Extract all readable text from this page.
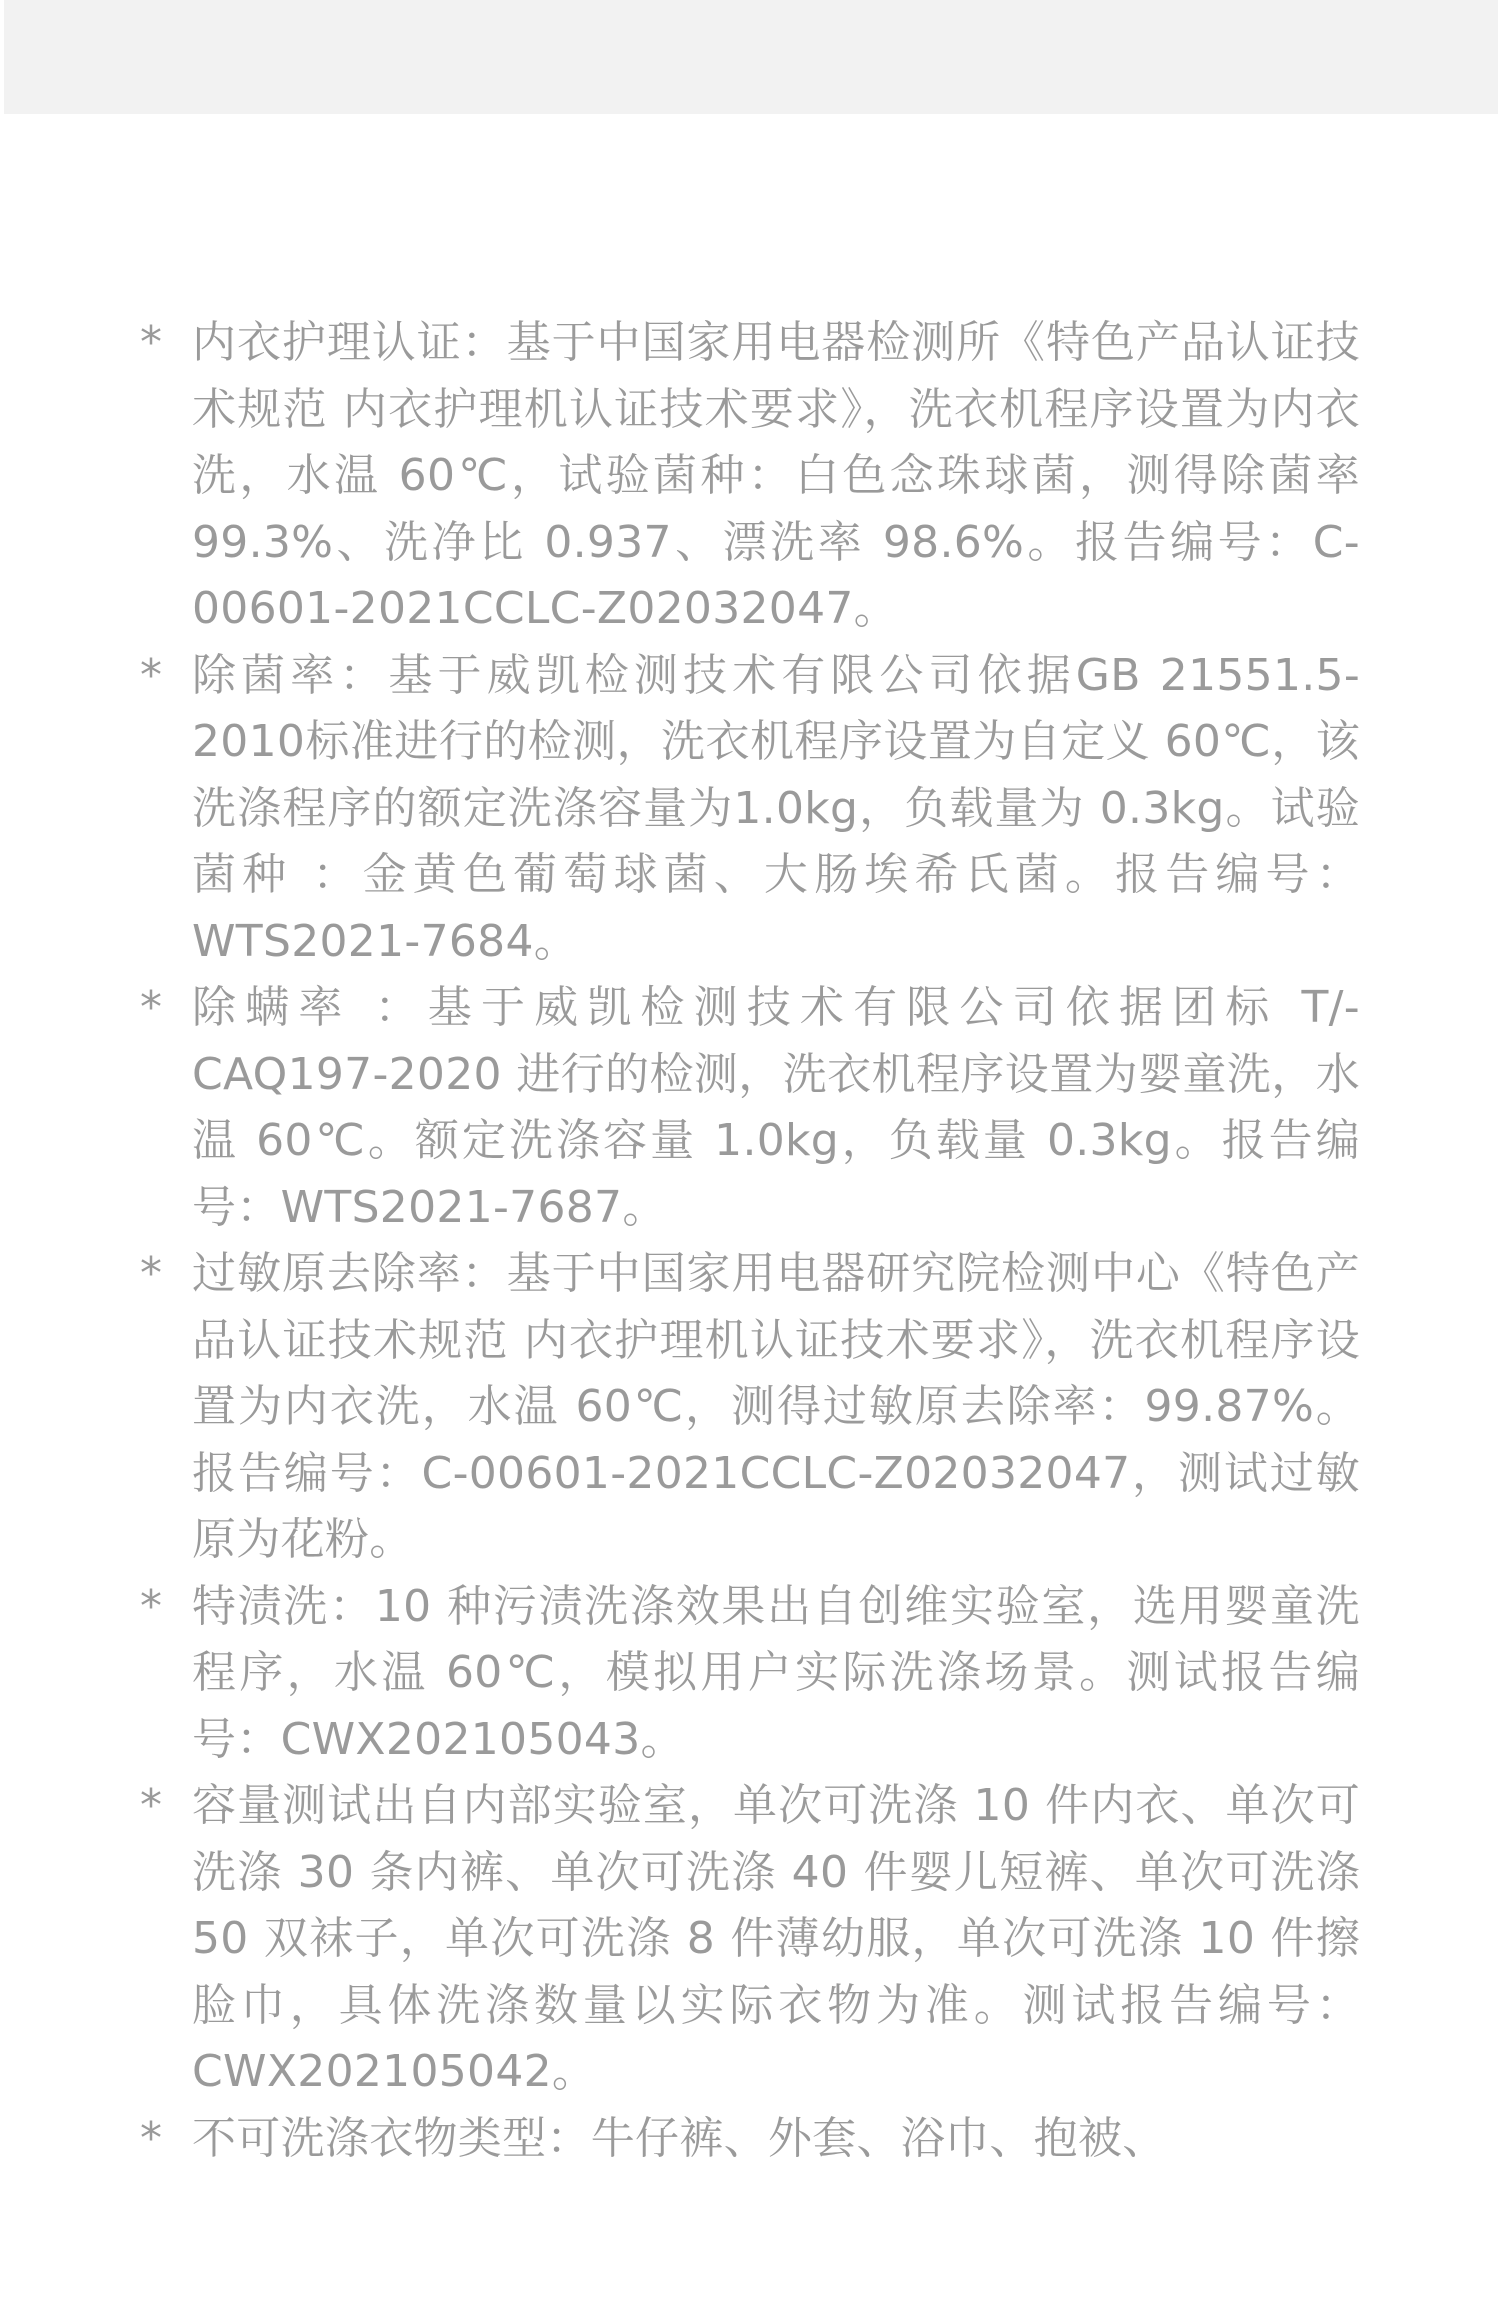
* 内衣护理认证：基于中国家用电器检测所《特色产品认证技术规范 内衣护理机认证技术要求》，洗衣机程序设置为内衣洗，水温 60℃，试验菌种：白色念珠球菌，测得除菌率 99.3%、洗净比 0.937、漂洗率 98.6%。报告编号：C-00601-2021CCLC-Z02032047。
* 除菌率：基于威凯检测技术有限公司依据GB 21551.5-2010标准进行的检测，洗衣机程序设置为自定义 60℃，该洗涤程序的额定洗涤容量为1.0kg，负载量为 0.3kg。试验菌种 ：金黄色葡萄球菌、大肠埃希氏菌。报告编号：WTS2021-7684。
* 除螨率 ：基于威凯检测技术有限公司依据团标 T/-CAQ197-2020 进行的检测，洗衣机程序设置为婴童洗，水温 60℃。额定洗涤容量 1.0kg，负载量 0.3kg。报告编号：WTS2021-7687。
* 过敏原去除率：基于中国家用电器研究院检测中心《特色产品认证技术规范 内衣护理机认证技术要求》，洗衣机程序设置为内衣洗，水温 60℃，测得过敏原去除率：99.87%。报告编号：C-00601-2021CCLC-Z02032047，测试过敏原为花粉。
* 特渍洗：10 种污渍洗涤效果出自创维实验室，选用婴童洗程序，水温 60℃，模拟用户实际洗涤场景。测试报告编号：CWX202105043。
* 容量测试出自内部实验室，单次可洗涤 10 件内衣、单次可洗涤 30 条内裤、单次可洗涤 40 件婴儿短裤、单次可洗涤 50 双袜子，单次可洗涤 8 件薄幼服，单次可洗涤 10 件擦脸巾，具体洗涤数量以实际衣物为准。测试报告编号：CWX202105042。
* 不可洗涤衣物类型：牛仔裤、外套、浴巾、抱被、
